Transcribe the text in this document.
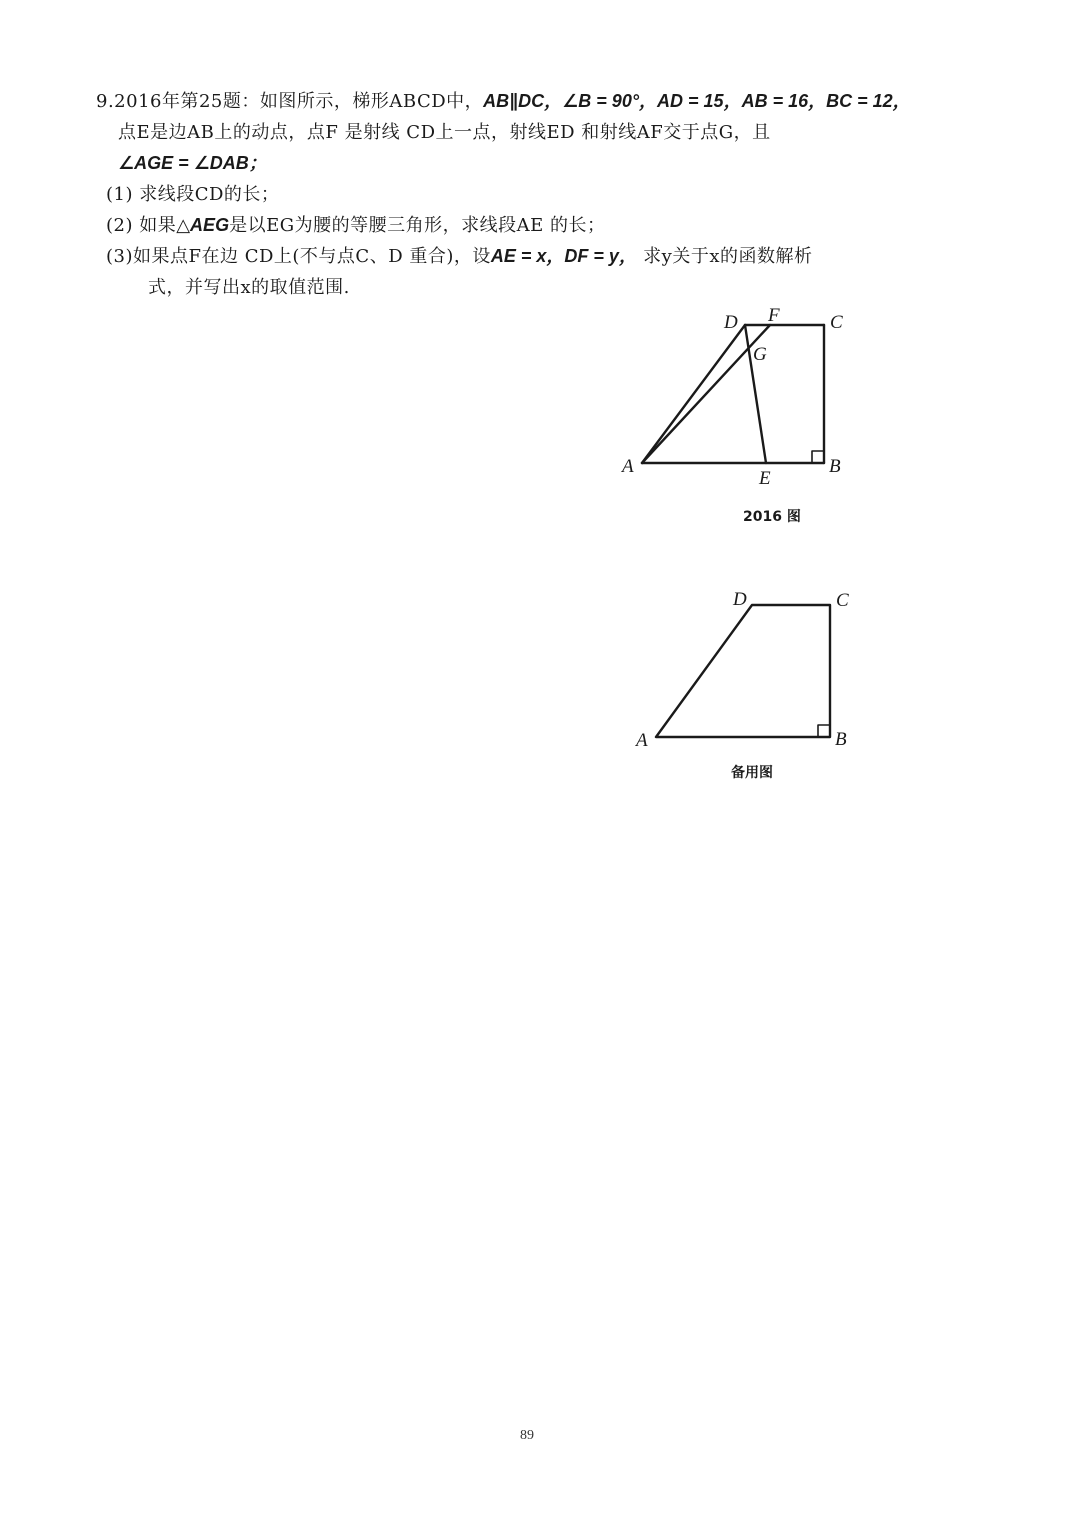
9.2016年第25题：如图所示，梯形ABCD中，AB∥DC，∠B = 90°，AD = 15，AB = 16，BC = 12，
点E是边AB上的动点，点F 是射线 CD上一点，射线ED 和射线AF交于点G，且
∠AGE = ∠DAB；
(1) 求线段CD的长；
(2) 如果△AEG是以EG为腰的等腰三角形，求线段AE 的长；
(3)如果点F在边 CD上(不与点C、D 重合)，设AE = x，DF = y， 求y关于x的函数解析
式，并写出x的取值范围.
D F	C
G
A
E
B
D	C
A	B
2016 图
备用图
89
